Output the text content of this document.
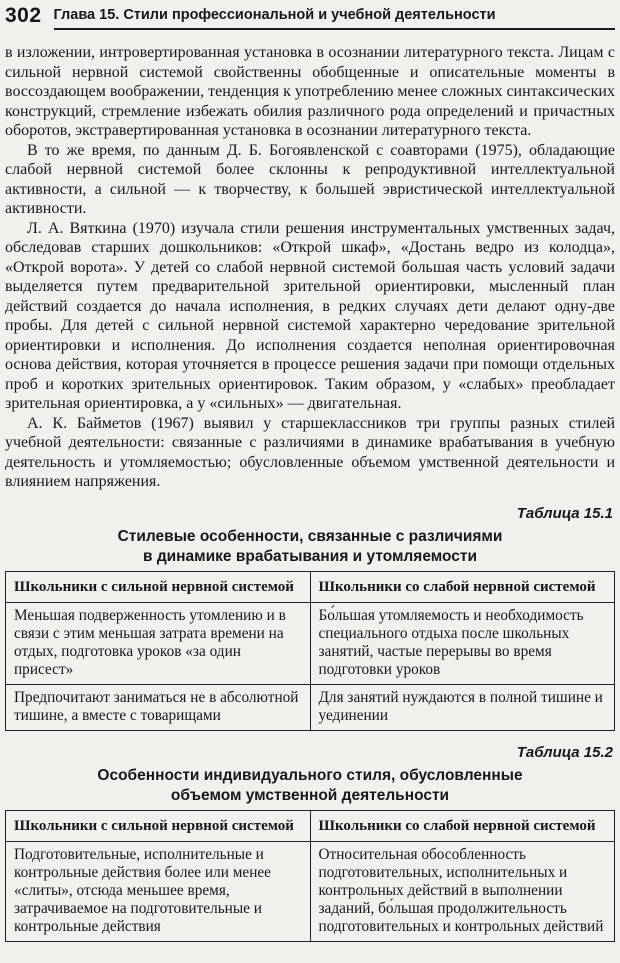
302 Глава 15. Стили профессиональной и учебной деятельности

в изложении, интровертированная установка в осознании литературного текста. Лицам с сильной нервной системой свойственны обобщенные и описательные моменты в воссоздающем воображении, тенденция к употреблению менее сложных синтаксических конструкций, стремление избежать обилия различного рода определений и причастных оборотов, экстравертированная установка в осознании литературного текста.

В то же время, по данным Д. Б. Богоявленской с соавторами (1975), обладающие слабой нервной системой более склонны к репродуктивной интеллектуальной активности, а сильной — к творчеству, к большей эвристической интеллектуальной активности.

Л. А. Вяткина (1970) изучала стили решения инструментальных умственных задач, обследовав старших дошкольников: «Открой шкаф», «Достань ведро из колодца», «Открой ворота». У детей со слабой нервной системой большая часть условий задачи выделяется путем предварительной зрительной ориентировки, мысленный план действий создается до начала исполнения, в редких случаях дети делают одну-две пробы. Для детей с сильной нервной системой характерно чередование зрительной ориентировки и исполнения. До исполнения создается неполная ориентировочная основа действия, которая уточняется в процессе решения задачи при помощи отдельных проб и коротких зрительных ориентировок. Таким образом, у «слабых» преобладает зрительная ориентировка, а у «сильных» — двигательная.

А. К. Байметов (1967) выявил у старшеклассников три группы разных стилей учебной деятельности: связанные с различиями в динамике врабатывания в учебную деятельность и утомляемостью; обусловленные объемом умственной деятельности и влиянием напряжения.

Таблица 15.1
Стилевые особенности, связанные с различиями
в динамике врабатывания и утомляемости
Школьники с сильной нервной системой	Школьники со слабой нервной системой
Меньшая подверженность утомлению и в связи с этим меньшая затрата времени на отдых, подготовка уроков «за один присест»	Бо́льшая утомляемость и необходимость специального отдыха после школьных занятий, частые перерывы во время подготовки уроков
Предпочитают заниматься не в абсолютной тишине, а вместе с товарищами	Для занятий нуждаются в полной тишине и уединении
Таблица 15.2
Особенности индивидуального стиля, обусловленные
объемом умственной деятельности
Школьники с сильной нервной системой	Школьники со слабой нервной системой
Подготовительные, исполнительные и контрольные действия более или менее «слиты», отсюда меньшее время, затрачиваемое на подготовительные и контрольные действия	Относительная обособленность подготовительных, исполнительных и контрольных действий в выполнении заданий, бо́льшая продолжительность подготовительных и контрольных действий
